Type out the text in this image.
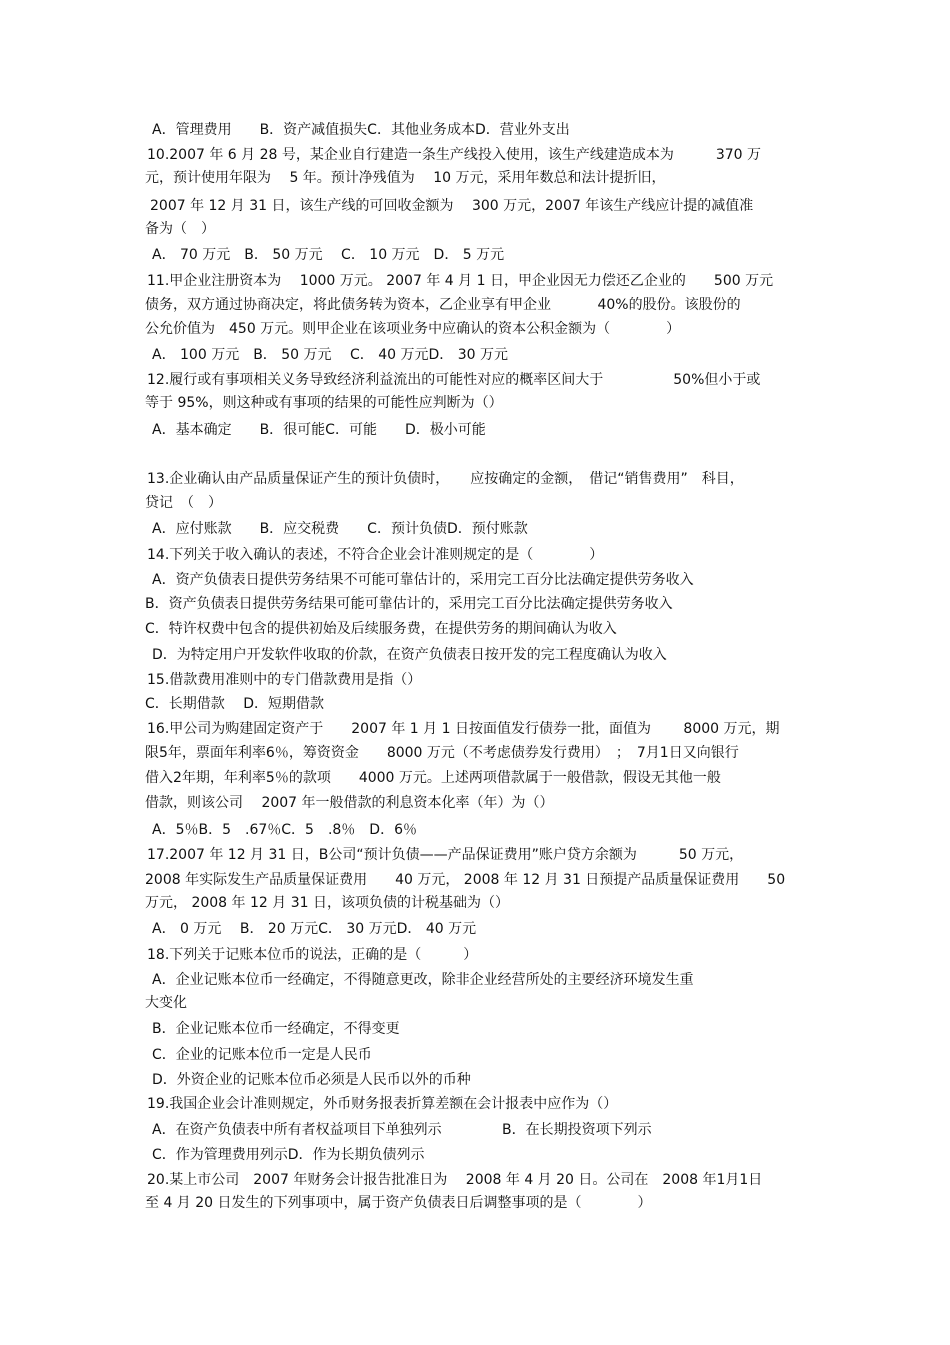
A．管理费用　　B．资产减值损失C．其他业务成本D．营业外支出
10.2007 年 6 月 28 号，某企业自行建造一条生产线投入使用，该生产线建造成本为　　　370 万
元，预计使用年限为　 5 年。预计净残值为　 10 万元，采用年数总和法计提折旧，
2007 年 12 月 31 日，该生产线的可回收金额为　 300 万元，2007 年该生产线应计提的减值准
备为（　）
A． 70 万元　B． 50 万元　 C． 10 万元　D． 5 万元
11.甲企业注册资本为　 1000 万元。 2007 年 4 月 1 日，甲企业因无力偿还乙企业的　　500 万元
债务，双方通过协商决定，将此债务转为资本，乙企业享有甲企业　　　 40%的股份。该股份的
公允价值为　450 万元。则甲企业在该项业务中应确认的资本公积金额为（　　　　）
A． 100 万元　B． 50 万元　 C． 40 万元D． 30 万元
12.履行或有事项相关义务导致经济利益流出的可能性对应的概率区间大于　　　　　50%但小于或
等于 95%，则这种或有事项的结果的可能性应判断为（）
A．基本确定　　B．很可能C．可能　　D．极小可能
13.企业确认由产品质量保证产生的预计负债时，　　应按确定的金额，　借记“销售费用”　科目，
贷记　（　）
A．应付账款　　B．应交税费　　C．预计负债D．预付账款
14.下列关于收入确认的表述，不符合企业会计准则规定的是（　　　　）
A．资产负债表日提供劳务结果不可能可靠估计的，采用完工百分比法确定提供劳务收入
B．资产负债表日提供劳务结果可能可靠估计的，采用完工百分比法确定提供劳务收入
C．特许权费中包含的提供初始及后续服务费，在提供劳务的期间确认为收入
D．为特定用户开发软件收取的价款，在资产负债表日按开发的完工程度确认为收入
15.借款费用准则中的专门借款费用是指（）
C．长期借款　 D．短期借款
16.甲公司为购建固定资产于　　2007 年 1 月 1 日按面值发行债券一批，面值为　　 8000 万元，期
限5年，票面年利率6％，筹资资金　　8000 万元（不考虑债券发行费用）　；　7月1日又向银行
借入2年期，年利率5％的款项　　4000 万元。上述两项借款属于一般借款，假设无其他一般
借款，则该公司　 2007 年一般借款的利息资本化率（年）为（）
A．5％B．5　.67％C．5　.8％　D．6％
17.2007 年 12 月 31 日，B公司“预计负债——产品保证费用”账户贷方余额为　　　50 万元，
2008 年实际发生产品质量保证费用　　40 万元， 2008 年 12 月 31 日预提产品质量保证费用　　50
万元， 2008 年 12 月 31 日，该项负债的计税基础为（）
A． 0 万元　 B． 20 万元C． 30 万元D． 40 万元
18.下列关于记账本位币的说法，正确的是（　　　）
A．企业记账本位币一经确定，不得随意更改，除非企业经营所处的主要经济环境发生重
大变化
B．企业记账本位币一经确定，不得变更
C．企业的记账本位币一定是人民币
D．外资企业的记账本位币必须是人民币以外的币种
19.我国企业会计准则规定，外币财务报表折算差额在会计报表中应作为（）
A．在资产负债表中所有者权益项目下单独列示　　　　 B．在长期投资项下列示
C．作为管理费用列示D．作为长期负债列示
20.某上市公司　2007 年财务会计报告批准日为　 2008 年 4 月 20 日。公司在　2008 年1月1日
至 4 月 20 日发生的下列事项中，属于资产负债表日后调整事项的是（　　　　）
